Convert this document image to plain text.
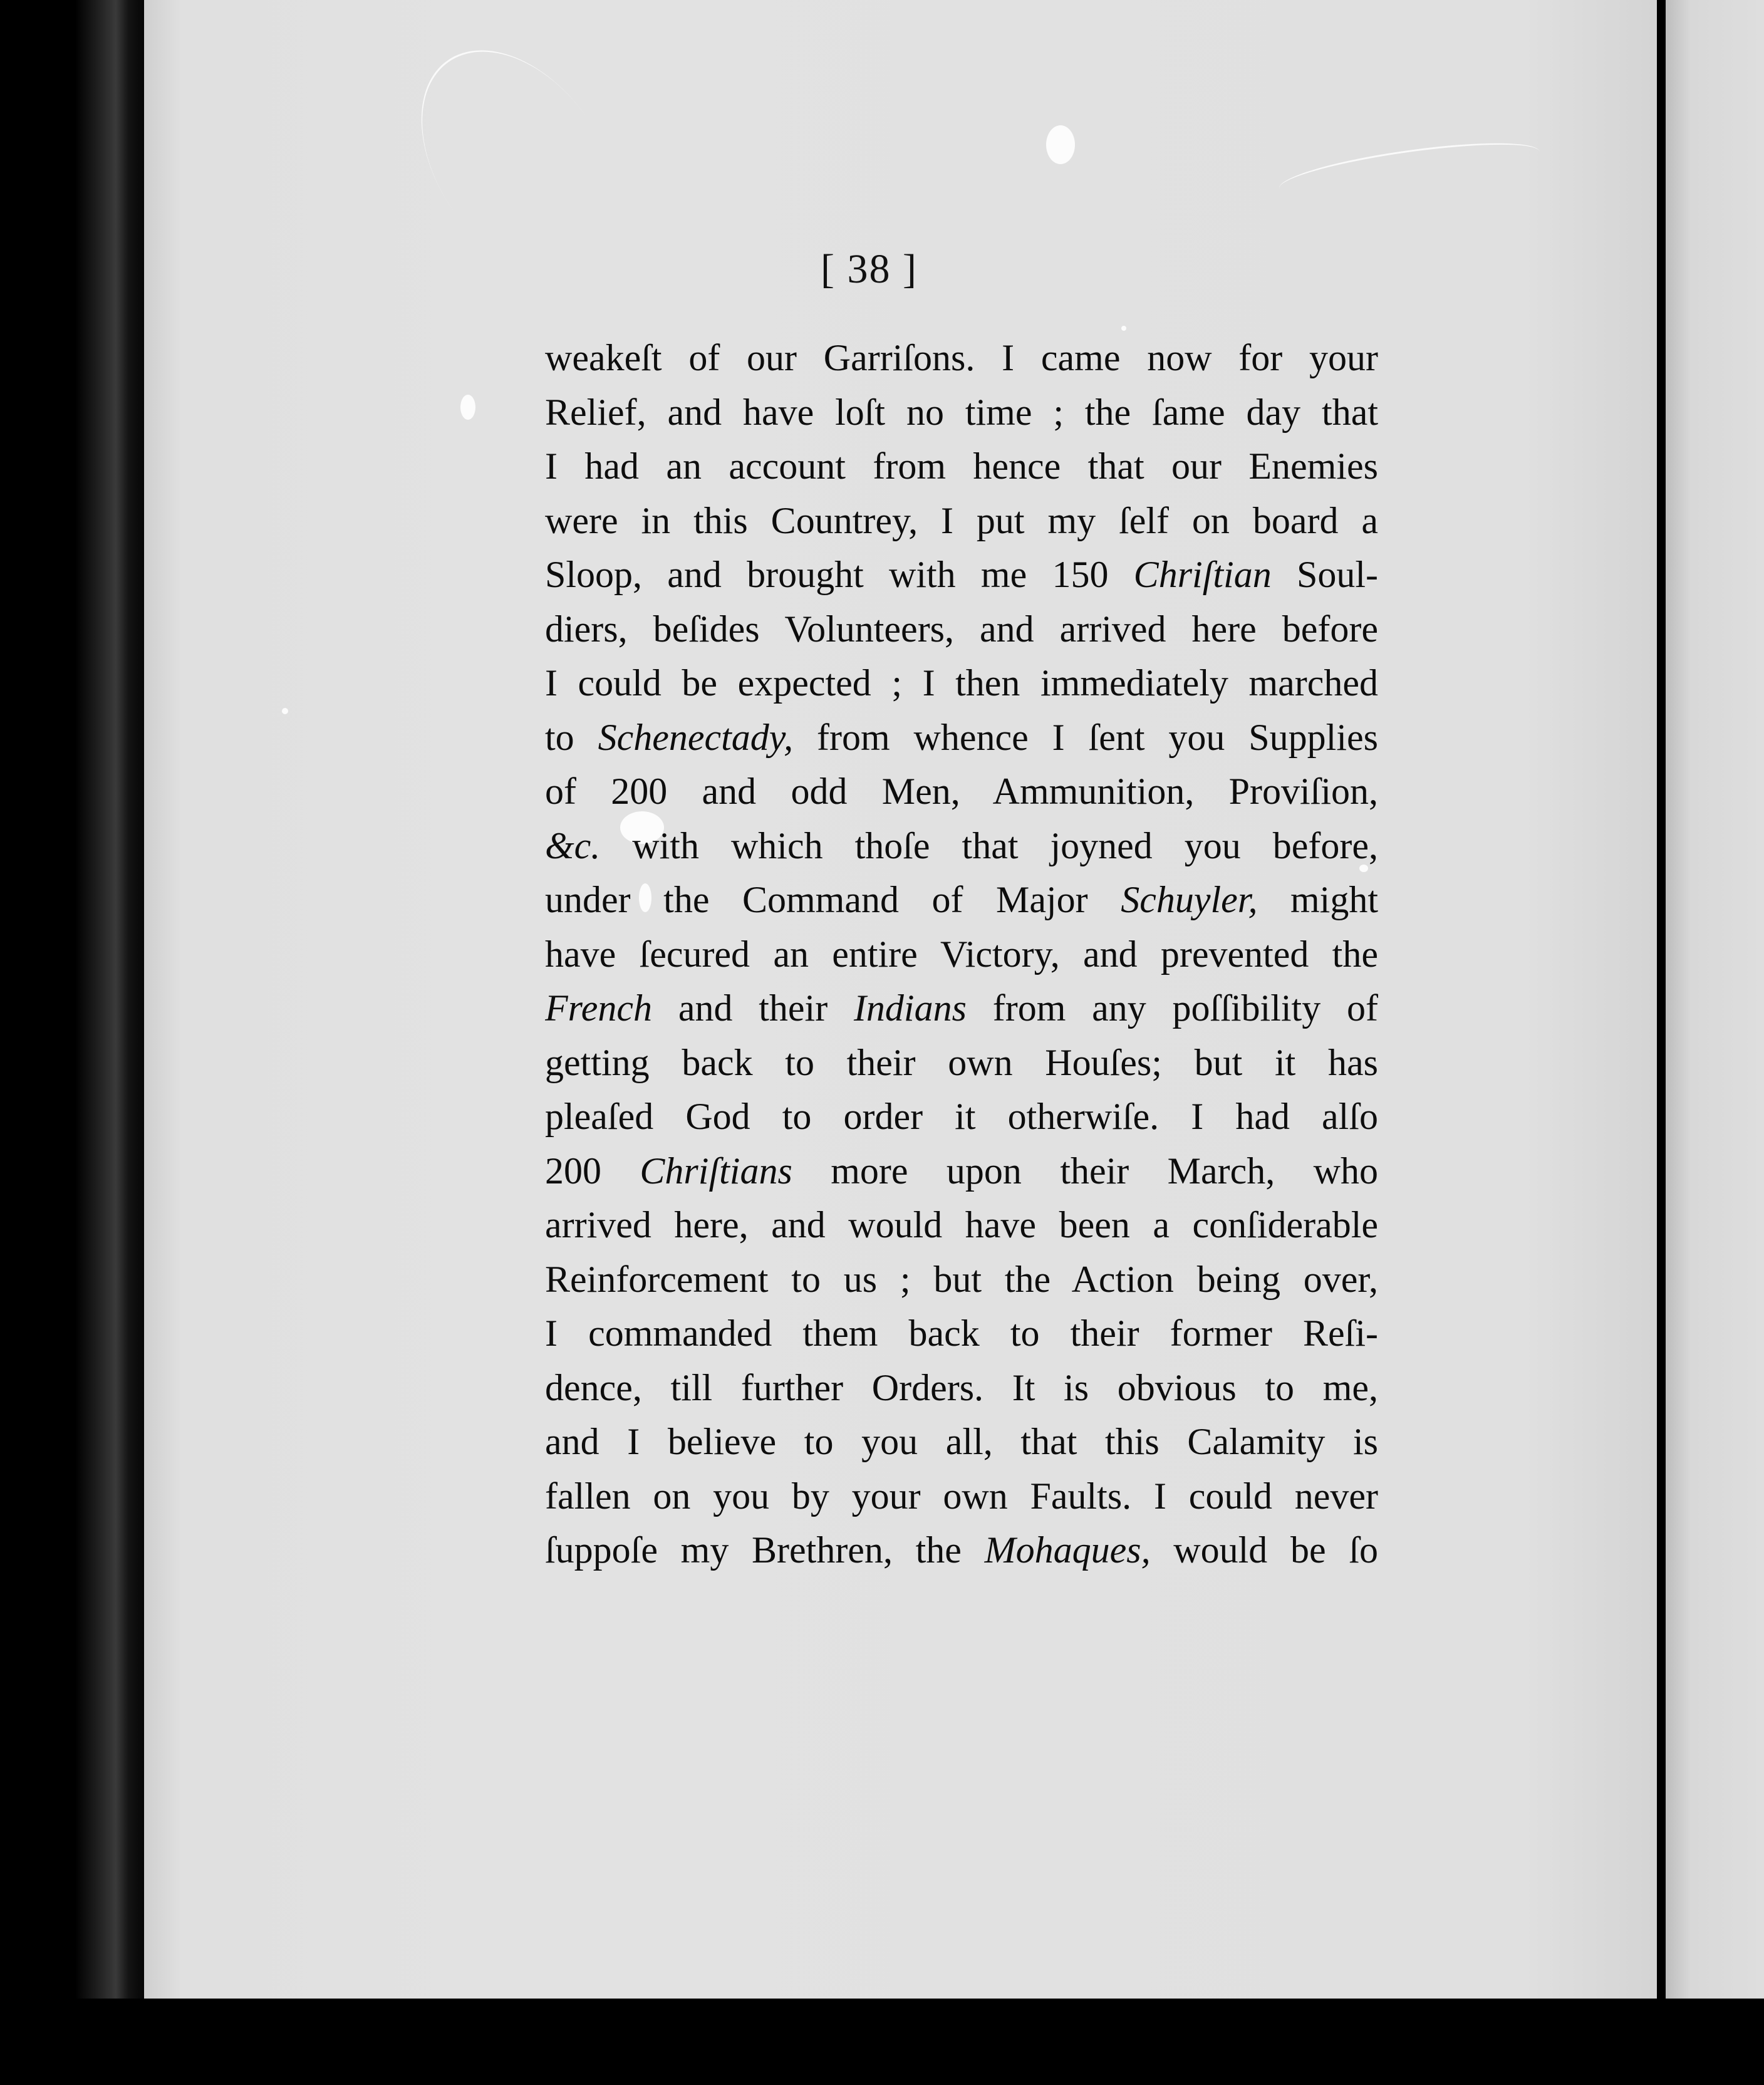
[ 38 ]
weakeſt of our Garriſons. I came now for your
Relief, and have loſt no time ; the ſame day that
I had an account from hence that our Enemies
were in this Countrey, I put my ſelf on board a
Sloop, and brought with me 150 Chriſtian Soul-
diers, beſides Volunteers, and arrived here before
I could be expected ; I then immediately marched
to Schenectady, from whence I ſent you Supplies
of 200 and odd Men, Ammunition, Proviſion,
&c. with which thoſe that joyned you before,
under the Command of Major Schuyler, might
have ſecured an entire Victory, and prevented the
French and their Indians from any poſſibility of
getting back to their own Houſes; but it has
pleaſed God to order it otherwiſe. I had alſo
200 Chriſtians more upon their March, who
arrived here, and would have been a conſiderable
Reinforcement to us ; but the Action being over,
I commanded them back to their former Reſi-
dence, till further Orders. It is obvious to me,
and I believe to you all, that this Calamity is
fallen on you by your own Faults. I could never
ſuppoſe my Brethren, the Mohaques, would be ſo
